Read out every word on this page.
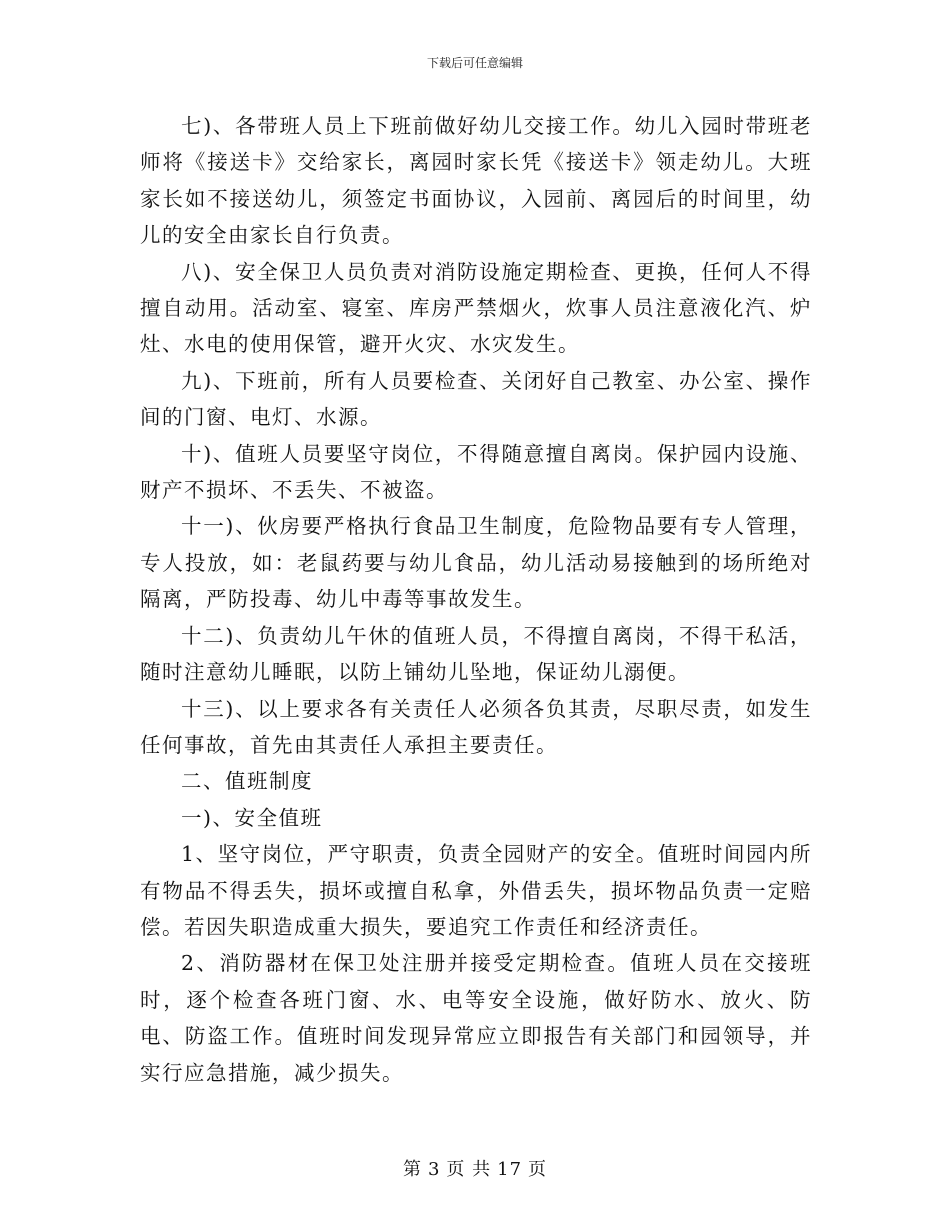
下载后可任意编辑

七)、各带班人员上下班前做好幼儿交接工作。幼儿入园时带班老师将《接送卡》交给家长，离园时家长凭《接送卡》领走幼儿。大班家长如不接送幼儿，须签定书面协议，入园前、离园后的时间里，幼儿的安全由家长自行负责。

八)、安全保卫人员负责对消防设施定期检查、更换，任何人不得擅自动用。活动室、寝室、库房严禁烟火，炊事人员注意液化汽、炉灶、水电的使用保管，避开火灾、水灾发生。

九)、下班前，所有人员要检查、关闭好自己教室、办公室、操作间的门窗、电灯、水源。

十)、值班人员要坚守岗位，不得随意擅自离岗。保护园内设施、财产不损坏、不丢失、不被盗。

十一)、伙房要严格执行食品卫生制度，危险物品要有专人管理，专人投放，如：老鼠药要与幼儿食品，幼儿活动易接触到的场所绝对隔离，严防投毒、幼儿中毒等事故发生。

十二)、负责幼儿午休的值班人员，不得擅自离岗，不得干私活，随时注意幼儿睡眠，以防上铺幼儿坠地，保证幼儿溺便。

十三)、以上要求各有关责任人必须各负其责，尽职尽责，如发生任何事故，首先由其责任人承担主要责任。

二、值班制度

一)、安全值班

1、坚守岗位，严守职责，负责全园财产的安全。值班时间园内所有物品不得丢失，损坏或擅自私拿，外借丢失，损坏物品负责一定赔偿。若因失职造成重大损失，要追究工作责任和经济责任。

2、消防器材在保卫处注册并接受定期检查。值班人员在交接班时，逐个检查各班门窗、水、电等安全设施，做好防水、放火、防电、防盗工作。值班时间发现异常应立即报告有关部门和园领导，并实行应急措施，减少损失。

第 3 页 共 17 页
